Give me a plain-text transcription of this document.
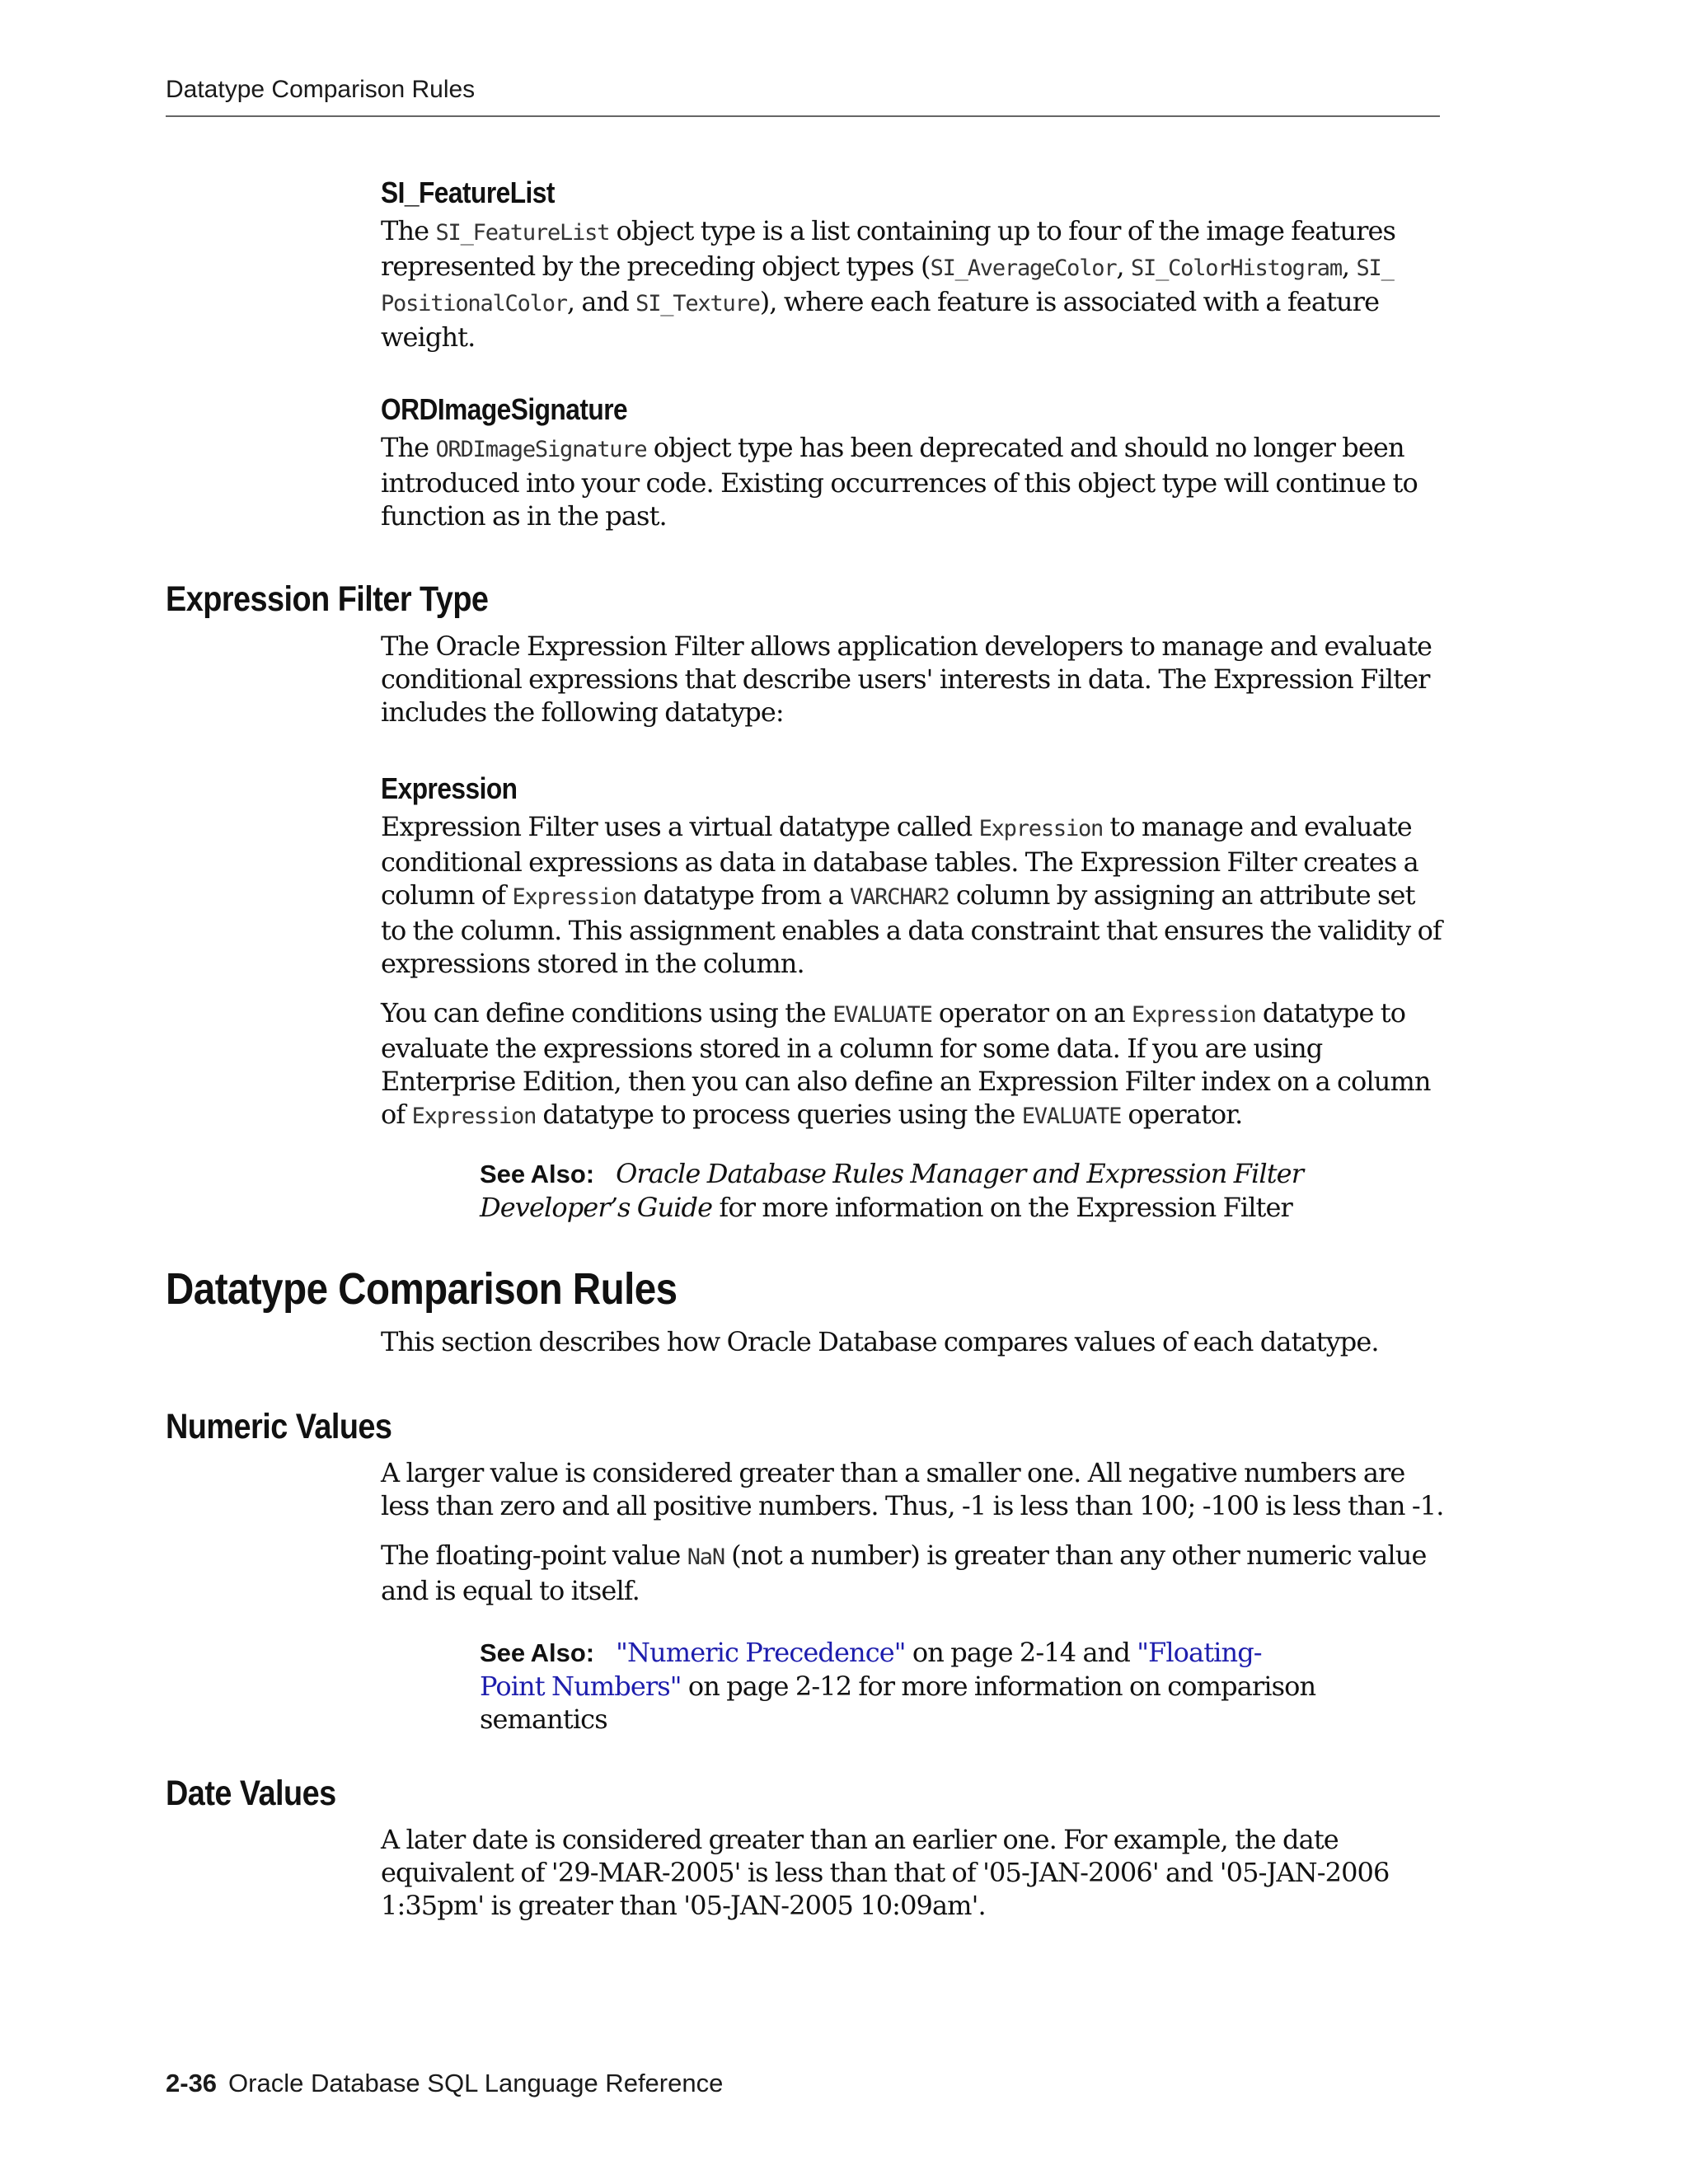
Datatype Comparison Rules
SI_FeatureList

The SI_FeatureList object type is a list containing up to four of the image features represented by the preceding object types (SI_AverageColor, SI_ColorHistogram, SI_ PositionalColor, and SI_Texture), where each feature is associated with a feature weight.

ORDImageSignature

The ORDImageSignature object type has been deprecated and should no longer been introduced into your code. Existing occurrences of this object type will continue to function as in the past.

Expression Filter Type

The Oracle Expression Filter allows application developers to manage and evaluate conditional expressions that describe users' interests in data. The Expression Filter includes the following datatype:

Expression

Expression Filter uses a virtual datatype called Expression to manage and evaluate conditional expressions as data in database tables. The Expression Filter creates a column of Expression datatype from a VARCHAR2 column by assigning an attribute set to the column. This assignment enables a data constraint that ensures the validity of expressions stored in the column.

You can define conditions using the EVALUATE operator on an Expression datatype to evaluate the expressions stored in a column for some data. If you are using Enterprise Edition, then you can also define an Expression Filter index on a column of Expression datatype to process queries using the EVALUATE operator.

See Also: Oracle Database Rules Manager and Expression Filter Developer’s Guide for more information on the Expression Filter

Datatype Comparison Rules

This section describes how Oracle Database compares values of each datatype.

Numeric Values

A larger value is considered greater than a smaller one. All negative numbers are less than zero and all positive numbers. Thus, -1 is less than 100; -100 is less than -1.

The floating-point value NaN (not a number) is greater than any other numeric value and is equal to itself.

See Also: "Numeric Precedence" on page 2-14 and "Floating-Point Numbers" on page 2-12 for more information on comparison semantics

Date Values

A later date is considered greater than an earlier one. For example, the date equivalent of '29-MAR-2005' is less than that of '05-JAN-2006' and '05-JAN-2006 1:35pm' is greater than '05-JAN-2005 10:09am'.

2-36 Oracle Database SQL Language Reference
